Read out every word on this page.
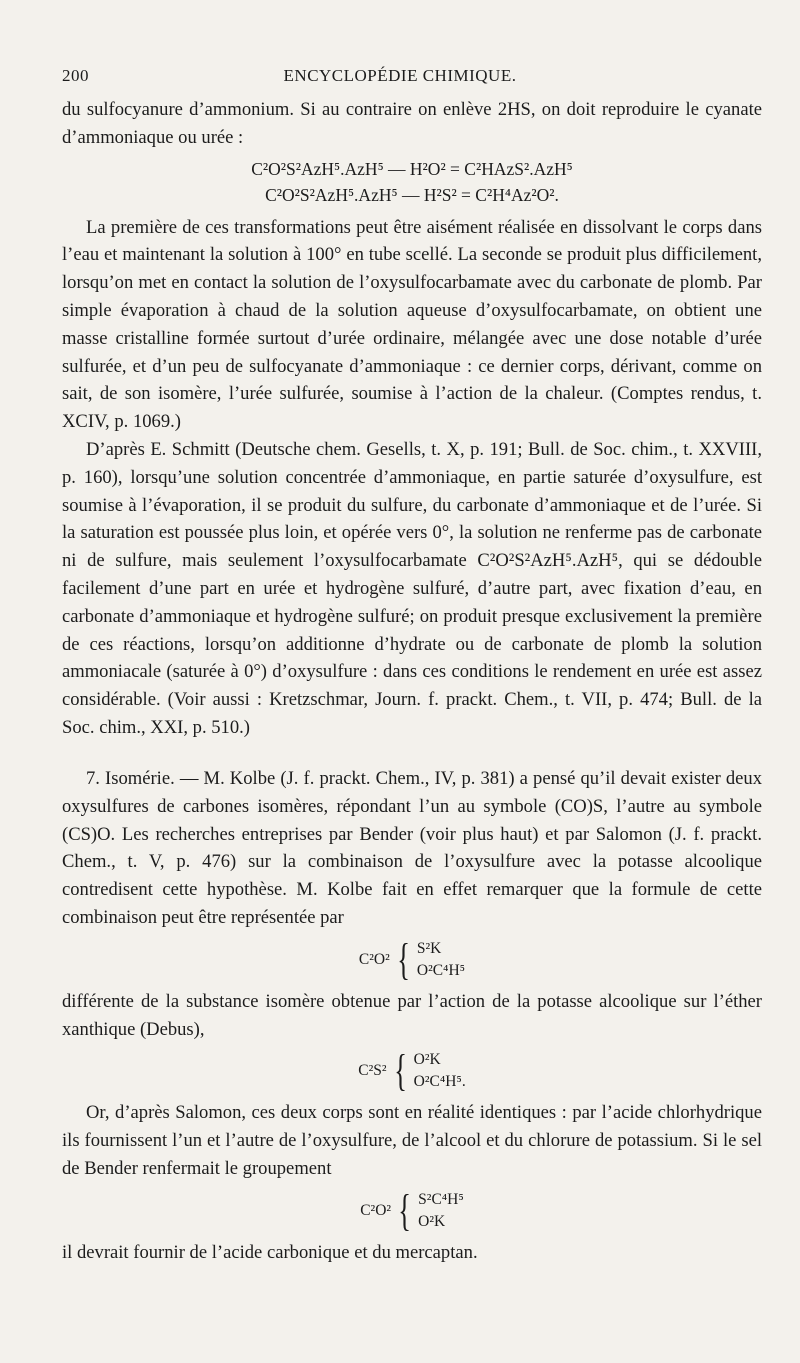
200	ENCYCLOPÉDIE CHIMIQUE.

du sulfocyanure d’ammonium. Si au contraire on enlève 2HS, on doit reproduire le cyanate d’ammoniaque ou urée :

C²O²S²AzH⁵.AzH⁵ — H²O² = C²HAzS².AzH⁵
C²O²S²AzH⁵.AzH⁵ — H²S² = C²H⁴Az²O².

La première de ces transformations peut être aisément réalisée en dissolvant le corps dans l’eau et maintenant la solution à 100° en tube scellé. La seconde se produit plus difficilement, lorsqu’on met en contact la solution de l’oxysulfocarbamate avec du carbonate de plomb. Par simple évaporation à chaud de la solution aqueuse d’oxysulfocarbamate, on obtient une masse cristalline formée surtout d’urée ordinaire, mélangée avec une dose notable d’urée sulfurée, et d’un peu de sulfocyanate d’ammoniaque : ce dernier corps, dérivant, comme on sait, de son isomère, l’urée sulfurée, soumise à l’action de la chaleur. (Comptes rendus, t. XCIV, p. 1069.)

D’après E. Schmitt (Deutsche chem. Gesells, t. X, p. 191; Bull. de Soc. chim., t. XXVIII, p. 160), lorsqu’une solution concentrée d’ammoniaque, en partie saturée d’oxysulfure, est soumise à l’évaporation, il se produit du sulfure, du carbonate d’ammoniaque et de l’urée. Si la saturation est poussée plus loin, et opérée vers 0°, la solution ne renferme pas de carbonate ni de sulfure, mais seulement l’oxysulfocarbamate C²O²S²AzH⁵.AzH⁵, qui se dédouble facilement d’une part en urée et hydrogène sulfuré, d’autre part, avec fixation d’eau, en carbonate d’ammoniaque et hydrogène sulfuré; on produit presque exclusivement la première de ces réactions, lorsqu’on additionne d’hydrate ou de carbonate de plomb la solution ammoniacale (saturée à 0°) d’oxysulfure : dans ces conditions le rendement en urée est assez considérable. (Voir aussi : Kretzschmar, Journ. f. prackt. Chem., t. VII, p. 474; Bull. de la Soc. chim., XXI, p. 510.)

7. Isomérie. — M. Kolbe (J. f. prackt. Chem., IV, p. 381) a pensé qu’il devait exister deux oxysulfures de carbones isomères, répondant l’un au symbole (CO)S, l’autre au symbole (CS)O. Les recherches entreprises par Bender (voir plus haut) et par Salomon (J. f. prackt. Chem., t. V, p. 476) sur la combinaison de l’oxysulfure avec la potasse alcoolique contredisent cette hypothèse. M. Kolbe fait en effet remarquer que la formule de cette combinaison peut être représentée par

C²O² { S²K
O²C⁴H⁵

différente de la substance isomère obtenue par l’action de la potasse alcoolique sur l’éther xanthique (Debus),

C²S² { O²K
O²C⁴H⁵.

Or, d’après Salomon, ces deux corps sont en réalité identiques : par l’acide chlorhydrique ils fournissent l’un et l’autre de l’oxysulfure, de l’alcool et du chlorure de potassium. Si le sel de Bender renfermait le groupement

C²O² { S²C⁴H⁵
O²K

il devrait fournir de l’acide carbonique et du mercaptan.
